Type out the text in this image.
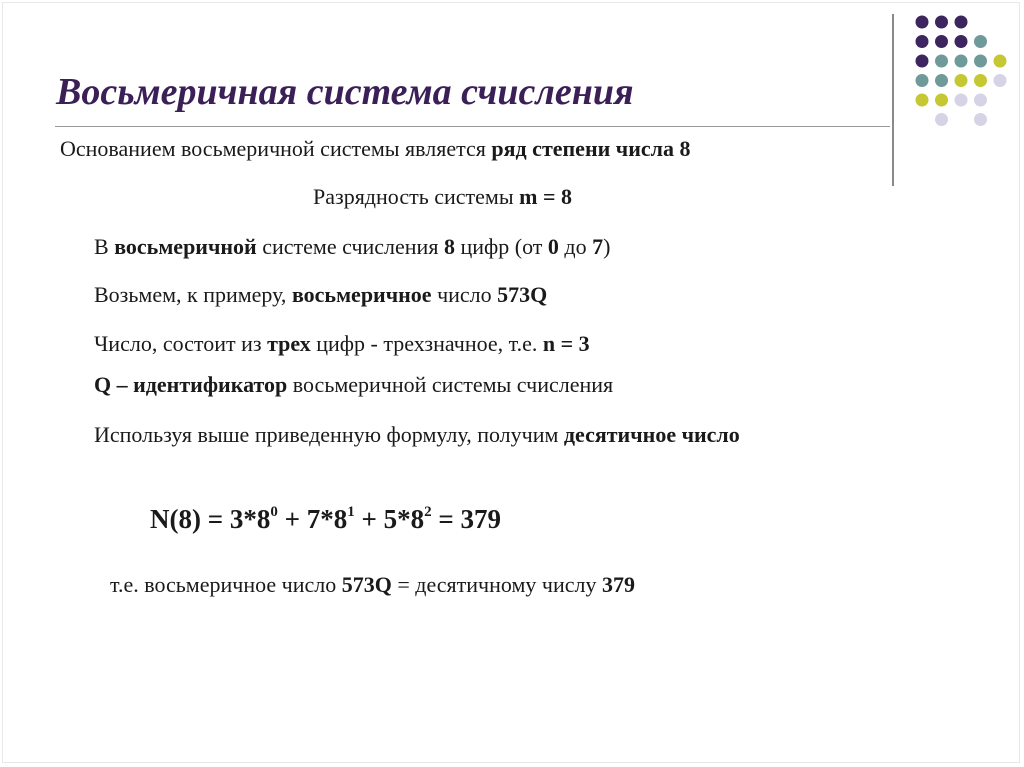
Восьмеричная система счисления
Основанием восьмеричной системы является ряд степени числа 8
Разрядность системы m = 8
В восьмеричной системе счисления 8 цифр (от 0 до 7)
Возьмем, к примеру, восьмеричное число 573Q
Число, состоит из трех цифр - трехзначное, т.е. n = 3
Q – идентификатор восьмеричной системы счисления
Используя выше приведенную формулу, получим десятичное число
$N(8) = 3*8^0 + 7*8^1 + 5*8^2 = 379$
т.е. восьмеричное число 573Q = десятичному числу 379
